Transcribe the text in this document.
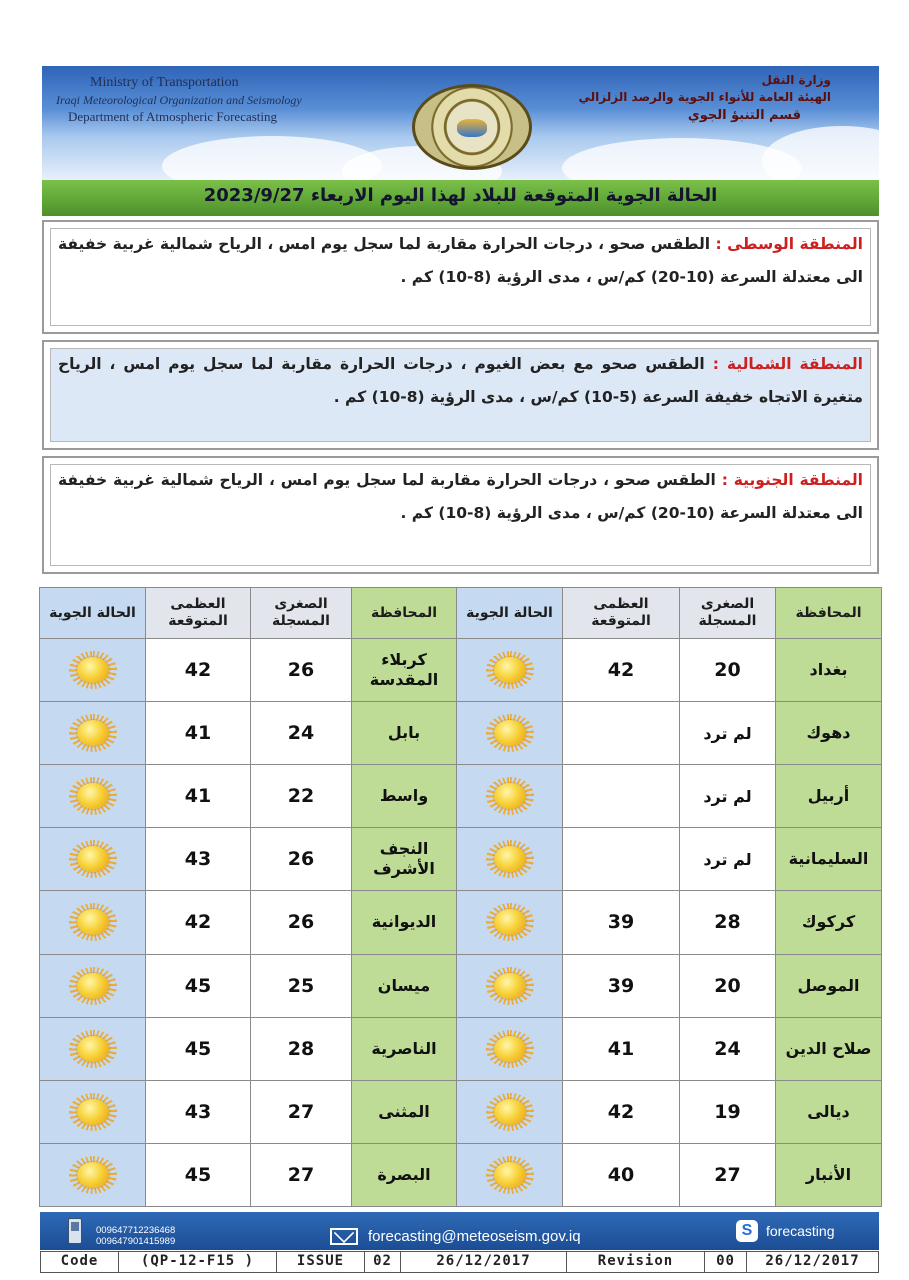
Ministry of Transportation
Iraqi Meteorological Organization and Seismology
Department of Atmospheric Forecasting
وزارة النقل
الهيئة العامة للأنواء الجوية والرصد الزلزالي
قسم التنبؤ الجوي
الحالة الجوية المتوقعة للبلاد لهذا اليوم الاربعاء 2023/9/27

المنطقة الوسطى : الطقس صحو ، درجات الحرارة مقاربة لما سجل يوم امس ، الرياح شمالية غربية خفيفة الى معتدلة السرعة (10-20) كم/س ، مدى الرؤية (8-10) كم .

المنطقة الشمالية : الطقس صحو مع بعض الغيوم ، درجات الحرارة مقاربة لما سجل يوم امس ، الرياح متغيرة الاتجاه خفيفة السرعة (5-10) كم/س ، مدى الرؤية (8-10) كم .

المنطقة الجنوبية : الطقس صحو ، درجات الحرارة مقاربة لما سجل يوم امس ، الرياح شمالية غربية خفيفة الى معتدلة السرعة (10-20) كم/س ، مدى الرؤية (8-10) كم .

الحالة الجوية	العظمى المتوقعة	الصغرى المسجلة	المحافظة	الحالة الجوية	العظمى المتوقعة	الصغرى المسجلة	المحافظة
	42	26	كربلاء المقدسة		42	20	بغداد
	41	24	بابل			لم ترد	دهوك
	41	22	واسط			لم ترد	أربيل
	43	26	النجف الأشرف			لم ترد	السليمانية
	42	26	الديوانية		39	28	كركوك
	45	25	ميسان		39	20	الموصل
	45	28	الناصرية		41	24	صلاح الدين
	43	27	المثنى		42	19	ديالى
	45	27	البصرة		40	27	الأنبار
009647712236468
009647901415989	forecasting@meteoseism.gov.iq	S forecasting
Code	(QP-12-F15 )	ISSUE	02	26/12/2017	Revision	00	26/12/2017
